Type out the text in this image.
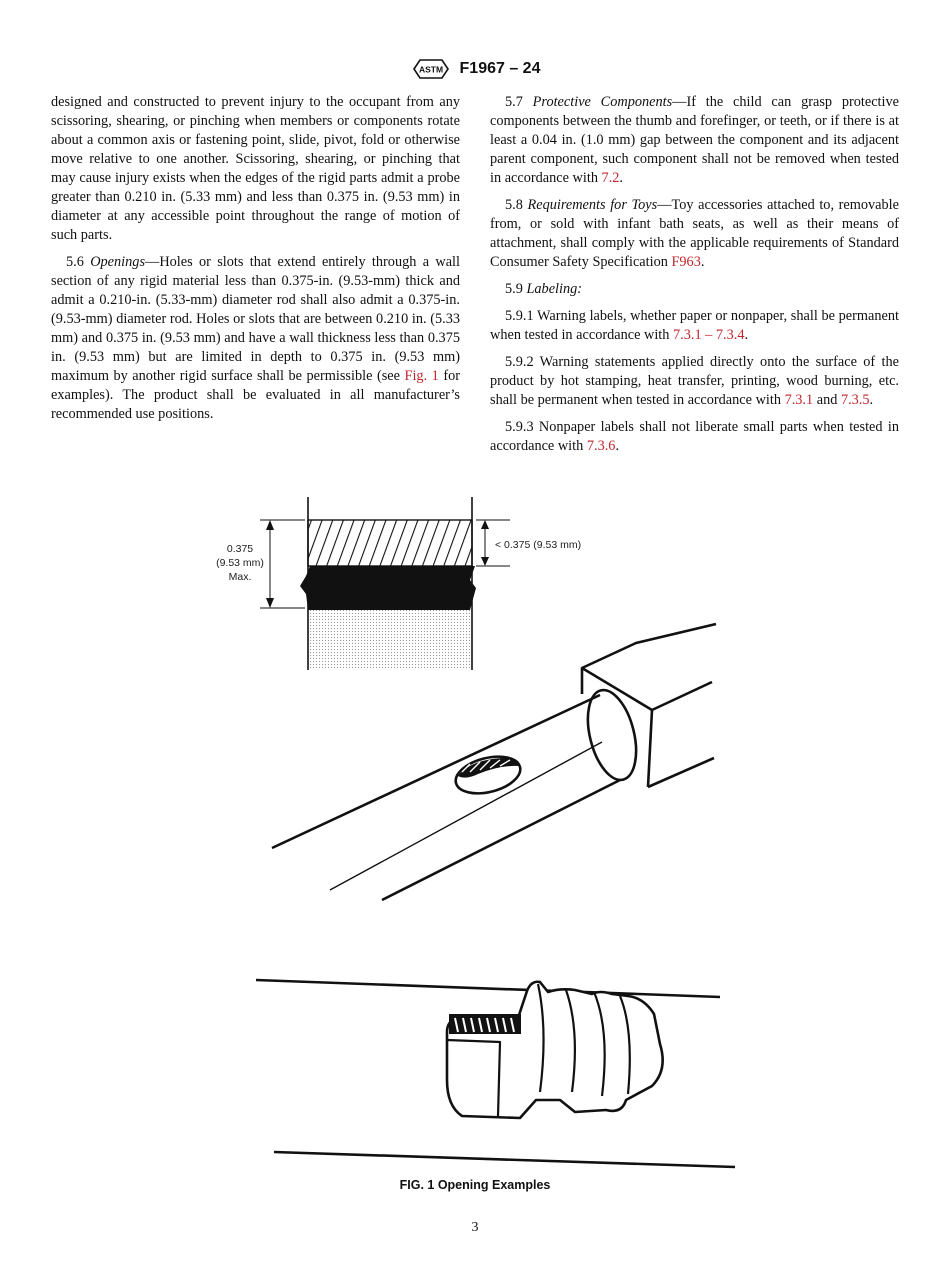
ASTM F1967 – 24

designed and constructed to prevent injury to the occupant from any scissoring, shearing, or pinching when members or components rotate about a common axis or fastening point, slide, pivot, fold or otherwise move relative to one another. Scissoring, shearing, or pinching that may cause injury exists when the edges of the rigid parts admit a probe greater than 0.210 in. (5.33 mm) and less than 0.375 in. (9.53 mm) in diameter at any accessible point throughout the range of motion of such parts.

5.6 Openings—Holes or slots that extend entirely through a wall section of any rigid material less than 0.375-in. (9.53-mm) thick and admit a 0.210-in. (5.33-mm) diameter rod shall also admit a 0.375-in. (9.53-mm) diameter rod. Holes or slots that are between 0.210 in. (5.33 mm) and 0.375 in. (9.53 mm) and have a wall thickness less than 0.375 in. (9.53 mm) but are limited in depth to 0.375 in. (9.53 mm) maximum by another rigid surface shall be permissible (see Fig. 1 for examples). The product shall be evaluated in all manufacturer’s recommended use positions.

5.7 Protective Components—If the child can grasp protective components between the thumb and forefinger, or teeth, or if there is at least a 0.04 in. (1.0 mm) gap between the component and its adjacent parent component, such component shall not be removed when tested in accordance with 7.2.

5.8 Requirements for Toys—Toy accessories attached to, removable from, or sold with infant bath seats, as well as their means of attachment, shall comply with the applicable requirements of Standard Consumer Safety Specification F963.

5.9 Labeling:

5.9.1 Warning labels, whether paper or nonpaper, shall be permanent when tested in accordance with 7.3.1 – 7.3.4.

5.9.2 Warning statements applied directly onto the surface of the product by hot stamping, heat transfer, printing, wood burning, etc. shall be permanent when tested in accordance with 7.3.1 and 7.3.5.

5.9.3 Nonpaper labels shall not liberate small parts when tested in accordance with 7.3.6.

0.375
(9.53 mm)
Max.
< 0.375 (9.53 mm)
FIG. 1 Opening Examples
3
